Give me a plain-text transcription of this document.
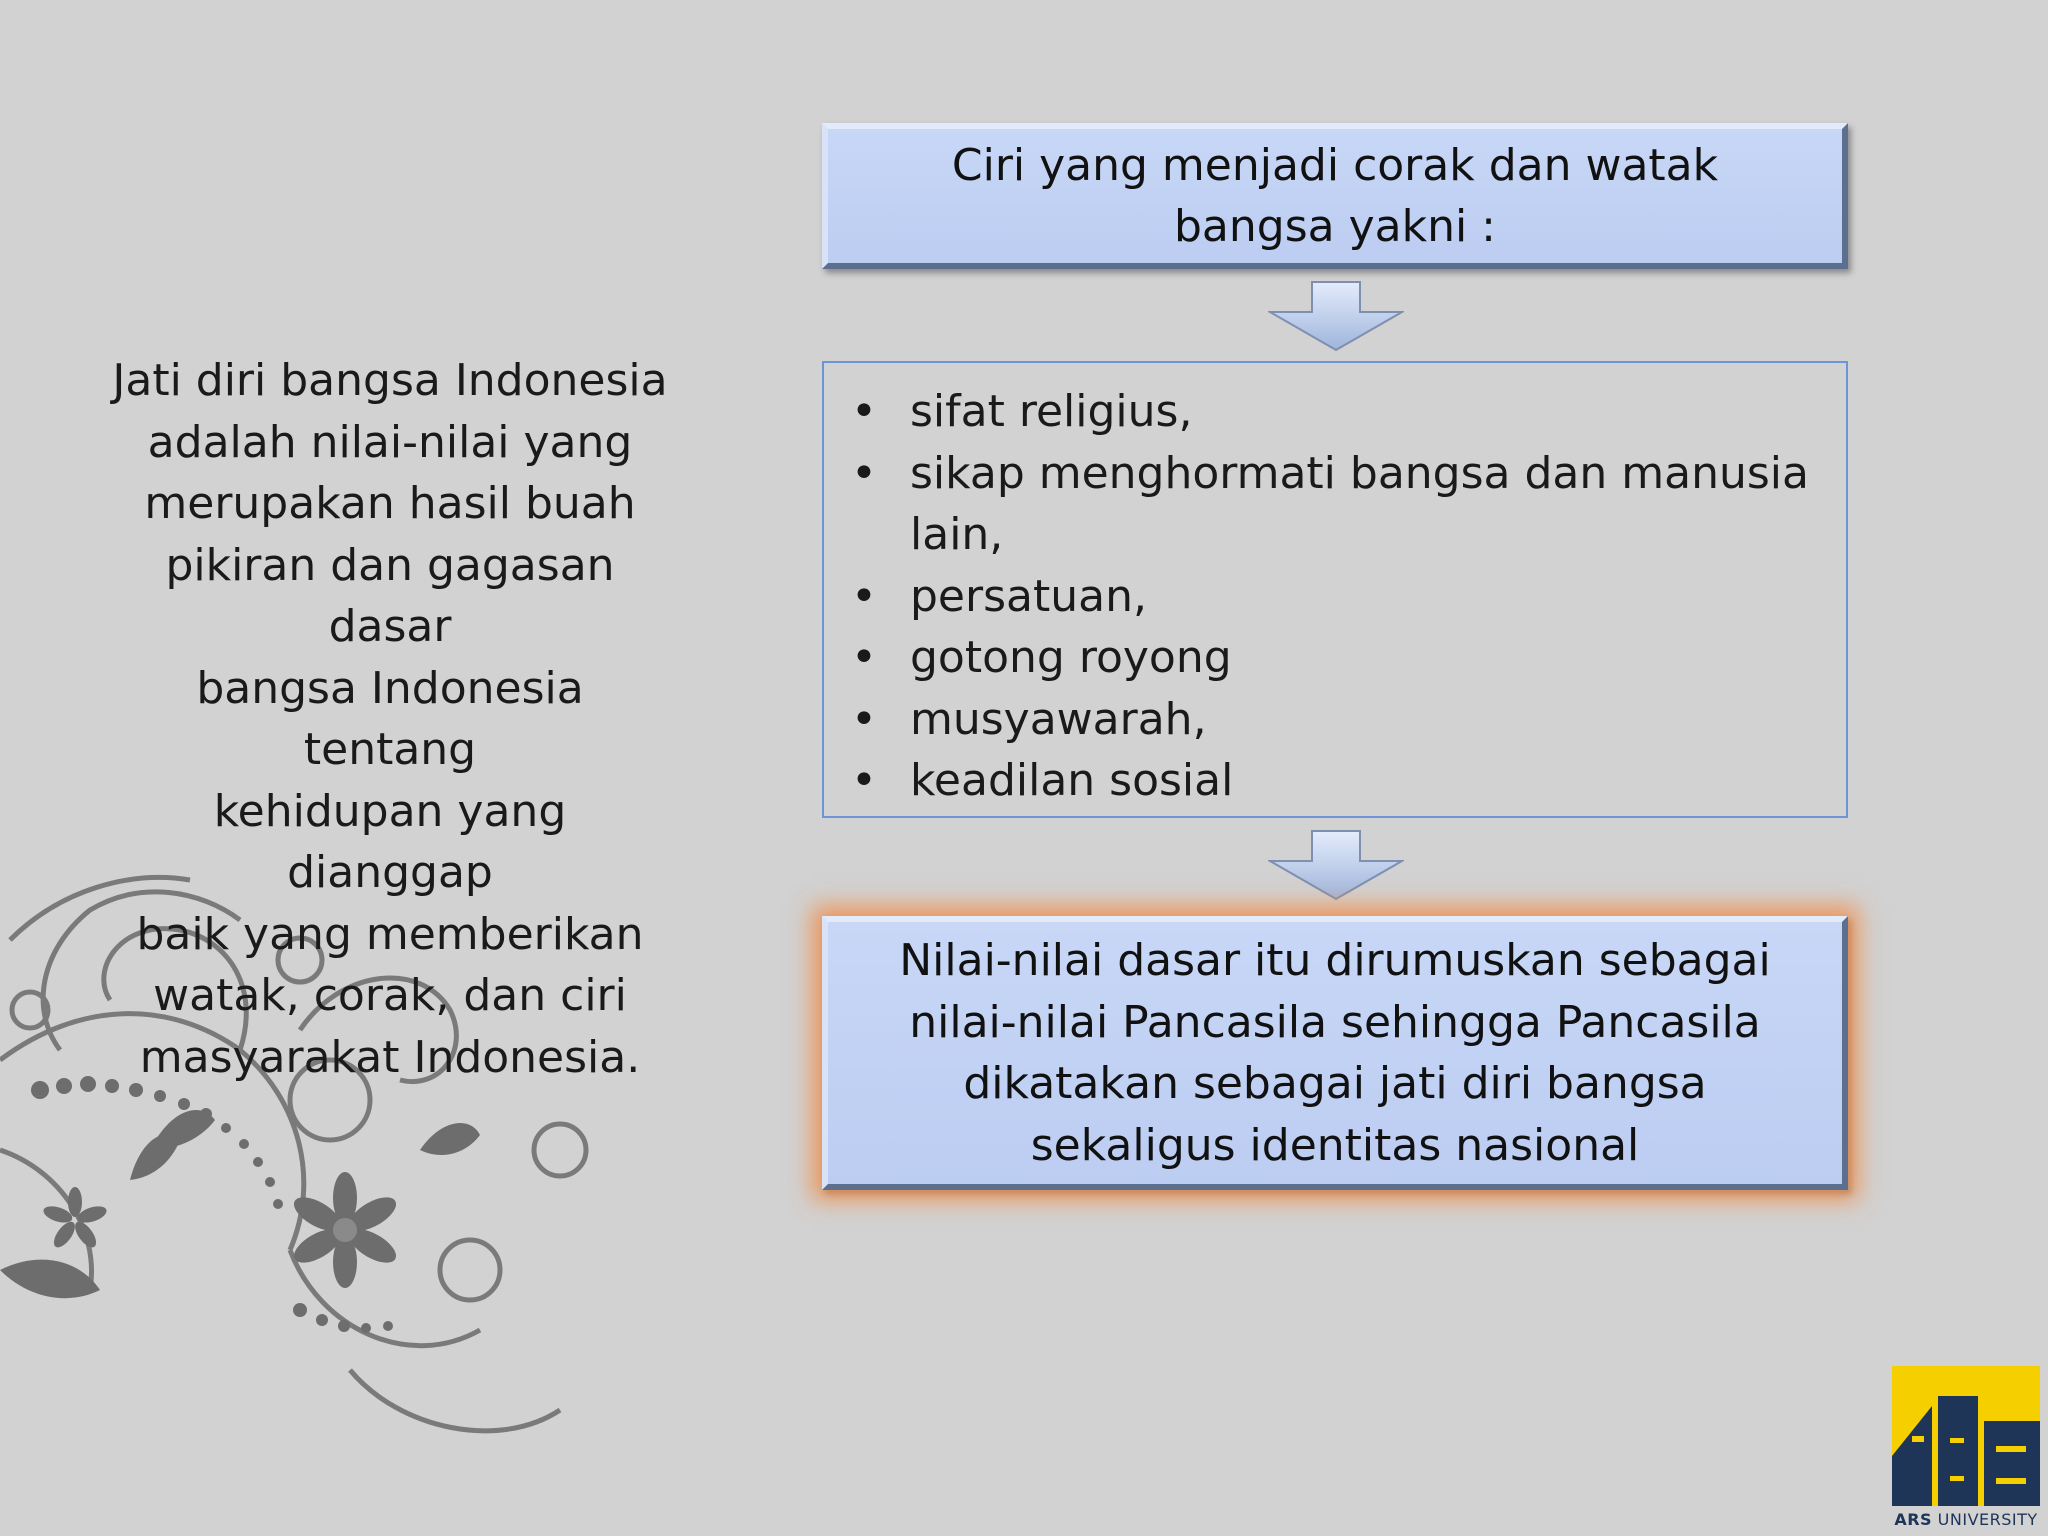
Jati diri bangsa Indonesia
adalah nilai-nilai yang
merupakan hasil buah
pikiran dan gagasan dasar
bangsa Indonesia tentang
kehidupan yang dianggap
baik yang memberikan
watak, corak, dan ciri
masyarakat Indonesia.
Ciri yang menjadi corak dan watak bangsa yakni :
• sifat religius,
• sikap menghormati bangsa dan manusia lain,
• persatuan,
• gotong royong
• musyawarah,
• keadilan sosial
Nilai-nilai dasar itu dirumuskan sebagai nilai-nilai Pancasila sehingga Pancasila dikatakan sebagai jati diri bangsa sekaligus identitas nasional
ARS UNIVERSITY
